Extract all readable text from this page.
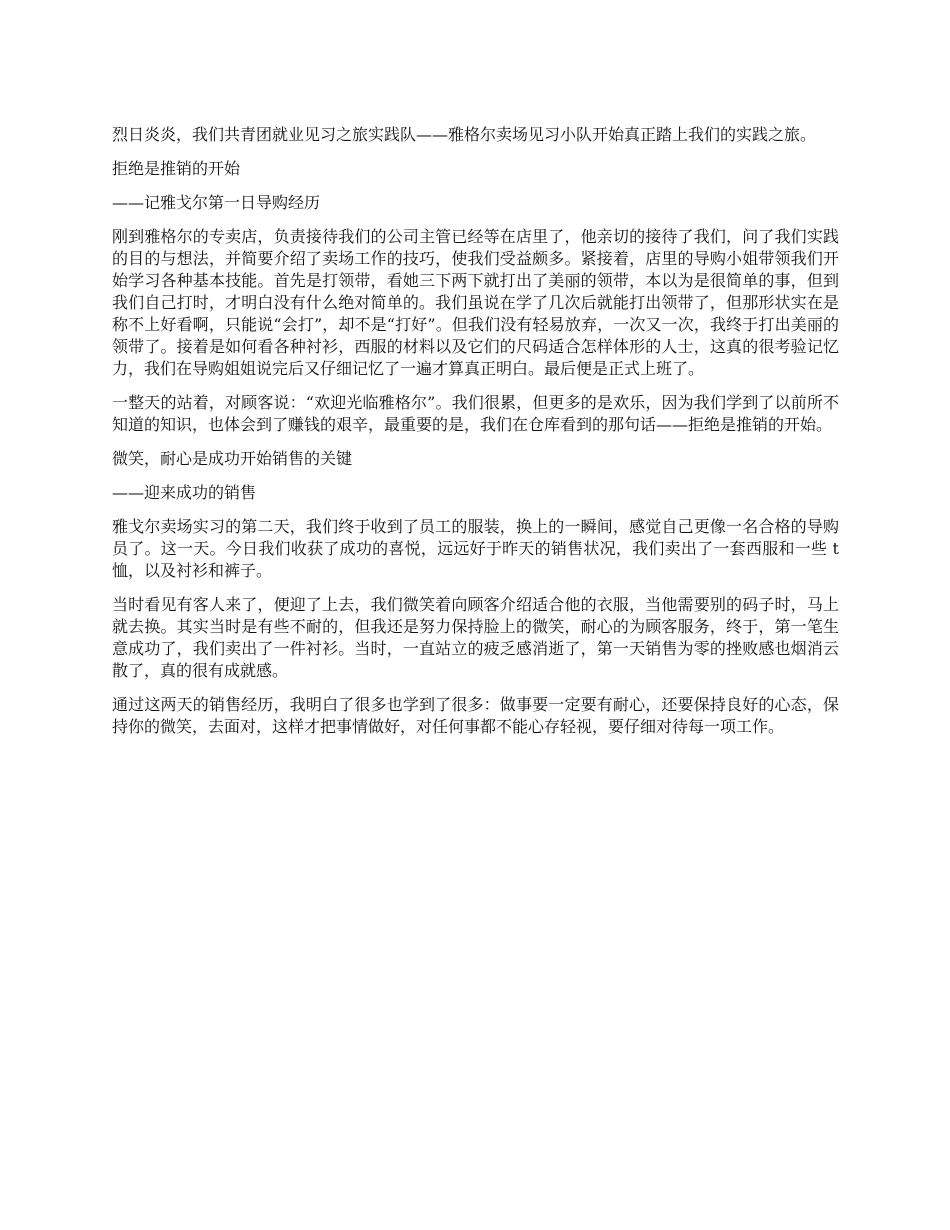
烈日炎炎，我们共青团就业见习之旅实践队——雅格尔卖场见习小队开始真正踏上我们的实践之旅。

拒绝是推销的开始

——记雅戈尔第一日导购经历

刚到雅格尔的专卖店，负责接待我们的公司主管已经等在店里了，他亲切的接待了我们，问了我们实践的目的与想法，并简要介绍了卖场工作的技巧，使我们受益颇多。紧接着，店里的导购小姐带领我们开始学习各种基本技能。首先是打领带，看她三下两下就打出了美丽的领带，本以为是很简单的事，但到我们自己打时，才明白没有什么绝对简单的。我们虽说在学了几次后就能打出领带了，但那形状实在是称不上好看啊，只能说“会打”，却不是“打好”。但我们没有轻易放弃，一次又一次，我终于打出美丽的领带了。接着是如何看各种衬衫，西服的材料以及它们的尺码适合怎样体形的人士，这真的很考验记忆力，我们在导购姐姐说完后又仔细记忆了一遍才算真正明白。最后便是正式上班了。

一整天的站着，对顾客说：“欢迎光临雅格尔”。我们很累，但更多的是欢乐，因为我们学到了以前所不知道的知识，也体会到了赚钱的艰辛，最重要的是，我们在仓库看到的那句话——拒绝是推销的开始。

微笑，耐心是成功开始销售的关键

——迎来成功的销售

雅戈尔卖场实习的第二天，我们终于收到了员工的服装，换上的一瞬间，感觉自己更像一名合格的导购员了。这一天。今日我们收获了成功的喜悦，远远好于昨天的销售状况，我们卖出了一套西服和一些 t 恤，以及衬衫和裤子。

当时看见有客人来了，便迎了上去，我们微笑着向顾客介绍适合他的衣服，当他需要别的码子时，马上就去换。其实当时是有些不耐的，但我还是努力保持脸上的微笑，耐心的为顾客服务，终于，第一笔生意成功了，我们卖出了一件衬衫。当时，一直站立的疲乏感消逝了，第一天销售为零的挫败感也烟消云散了，真的很有成就感。

通过这两天的销售经历，我明白了很多也学到了很多：做事要一定要有耐心，还要保持良好的心态，保持你的微笑，去面对，这样才把事情做好，对任何事都不能心存轻视，要仔细对待每一项工作。
